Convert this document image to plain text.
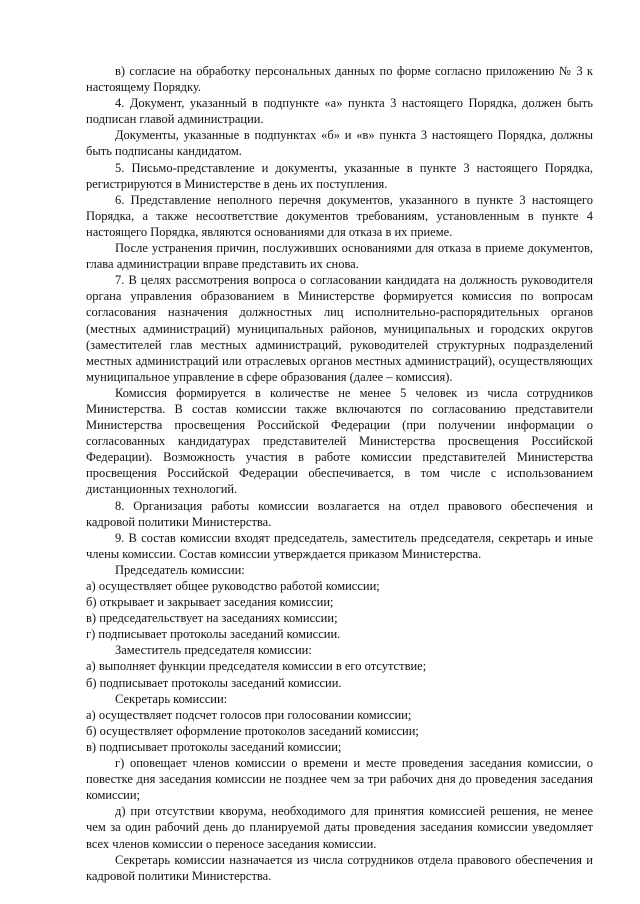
в) согласие на обработку персональных данных по форме согласно приложению № 3 к настоящему Порядку.

4. Документ, указанный в подпункте «а» пункта 3 настоящего Порядка, должен быть подписан главой администрации.

Документы, указанные в подпунктах «б» и «в» пункта 3 настоящего Порядка, должны быть подписаны кандидатом.

5. Письмо-представление и документы, указанные в пункте 3 настоящего Порядка, регистрируются в Министерстве в день их поступления.

6. Представление неполного перечня документов, указанного в пункте 3 настоящего Порядка, а также несоответствие документов требованиям, установленным в пункте 4 настоящего Порядка, являются основаниями для отказа в их приеме.

После устранения причин, послуживших основаниями для отказа в приеме документов, глава администрации вправе представить их снова.

7. В целях рассмотрения вопроса о согласовании кандидата на должность руководителя органа управления образованием в Министерстве формируется комиссия по вопросам согласования назначения должностных лиц исполнительно-распорядительных органов (местных администраций) муниципальных районов, муниципальных и городских округов (заместителей глав местных администраций, руководителей структурных подразделений местных администраций или отраслевых органов местных администраций), осуществляющих муниципальное управление в сфере образования (далее – комиссия).

Комиссия формируется в количестве не менее 5 человек из числа сотрудников Министерства. В состав комиссии также включаются по согласованию представители Министерства просвещения Российской Федерации (при получении информации о согласованных кандидатурах представителей Министерства просвещения Российской Федерации). Возможность участия в работе комиссии представителей Министерства просвещения Российской Федерации обеспечивается, в том числе с использованием дистанционных технологий.

8. Организация работы комиссии возлагается на отдел правового обеспечения и кадровой политики Министерства.

9. В состав комиссии входят председатель, заместитель председателя, секретарь и иные члены комиссии. Состав комиссии утверждается приказом Министерства.

Председатель комиссии:

а) осуществляет общее руководство работой комиссии;

б) открывает и закрывает заседания комиссии;

в) председательствует на заседаниях комиссии;

г) подписывает протоколы заседаний комиссии.

Заместитель председателя комиссии:

а) выполняет функции председателя комиссии в его отсутствие;

б) подписывает протоколы заседаний комиссии.

Секретарь комиссии:

а) осуществляет подсчет голосов при голосовании комиссии;

б) осуществляет оформление протоколов заседаний комиссии;

в) подписывает протоколы заседаний комиссии;

г) оповещает членов комиссии о времени и месте проведения заседания комиссии, о повестке дня заседания комиссии не позднее чем за три рабочих дня до проведения заседания комиссии;

д) при отсутствии кворума, необходимого для принятия комиссией решения, не менее чем за один рабочий день до планируемой даты проведения заседания комиссии уведомляет всех членов комиссии о переносе заседания комиссии.

Секретарь комиссии назначается из числа сотрудников отдела правового обеспечения и кадровой политики Министерства.
